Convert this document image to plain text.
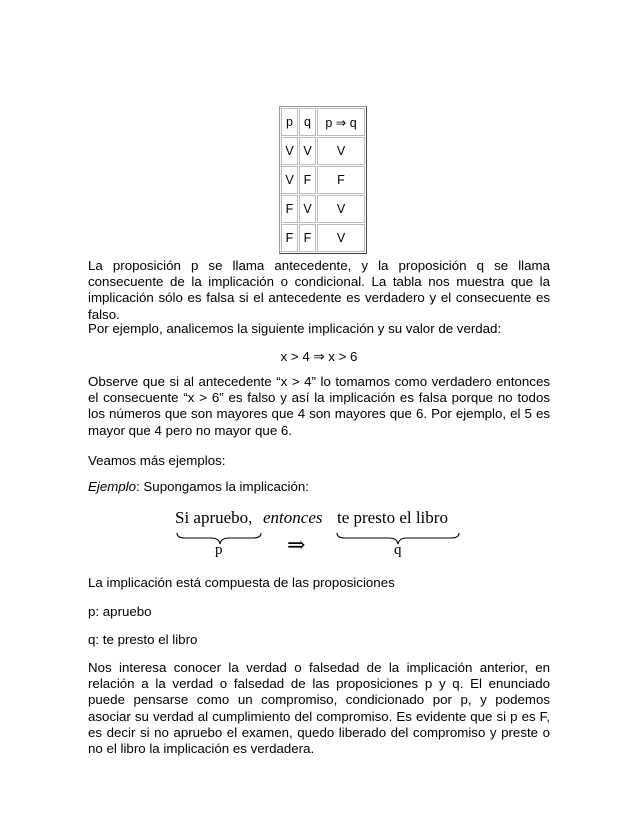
p	q	p ⇒ q
V	V	V
V	F	F
F	V	V
F	F	V

La proposición p se llama antecedente, y la proposición q se llama consecuente de la implicación o condicional. La tabla nos muestra que la implicación sólo es falsa si el antecedente es verdadero y el consecuente es falso.

Por ejemplo, analicemos la siguiente implicación y su valor de verdad:

x > 4 ⇒ x > 6

Observe que si al antecedente “x > 4” lo tomamos como verdadero entonces el consecuente “x > 6” es falso y así la implicación es falsa porque no todos los números que son mayores que 4 son mayores que 6. Por ejemplo, el 5 es mayor que 4 pero no mayor que 6.

Veamos más ejemplos:

Ejemplo: Supongamos la implicación:

Si apruebo, entonces te presto el libro
p	⇒	q

La implicación está compuesta de las proposiciones

p: apruebo

q: te presto el libro

Nos interesa conocer la verdad o falsedad de la implicación anterior, en relación a la verdad o falsedad de las proposiciones p y q. El enunciado puede pensarse como un compromiso, condicionado por p, y podemos asociar su verdad al cumplimiento del compromiso. Es evidente que si p es F, es decir si no apruebo el examen, quedo liberado del compromiso y preste o no el libro la implicación es verdadera.
